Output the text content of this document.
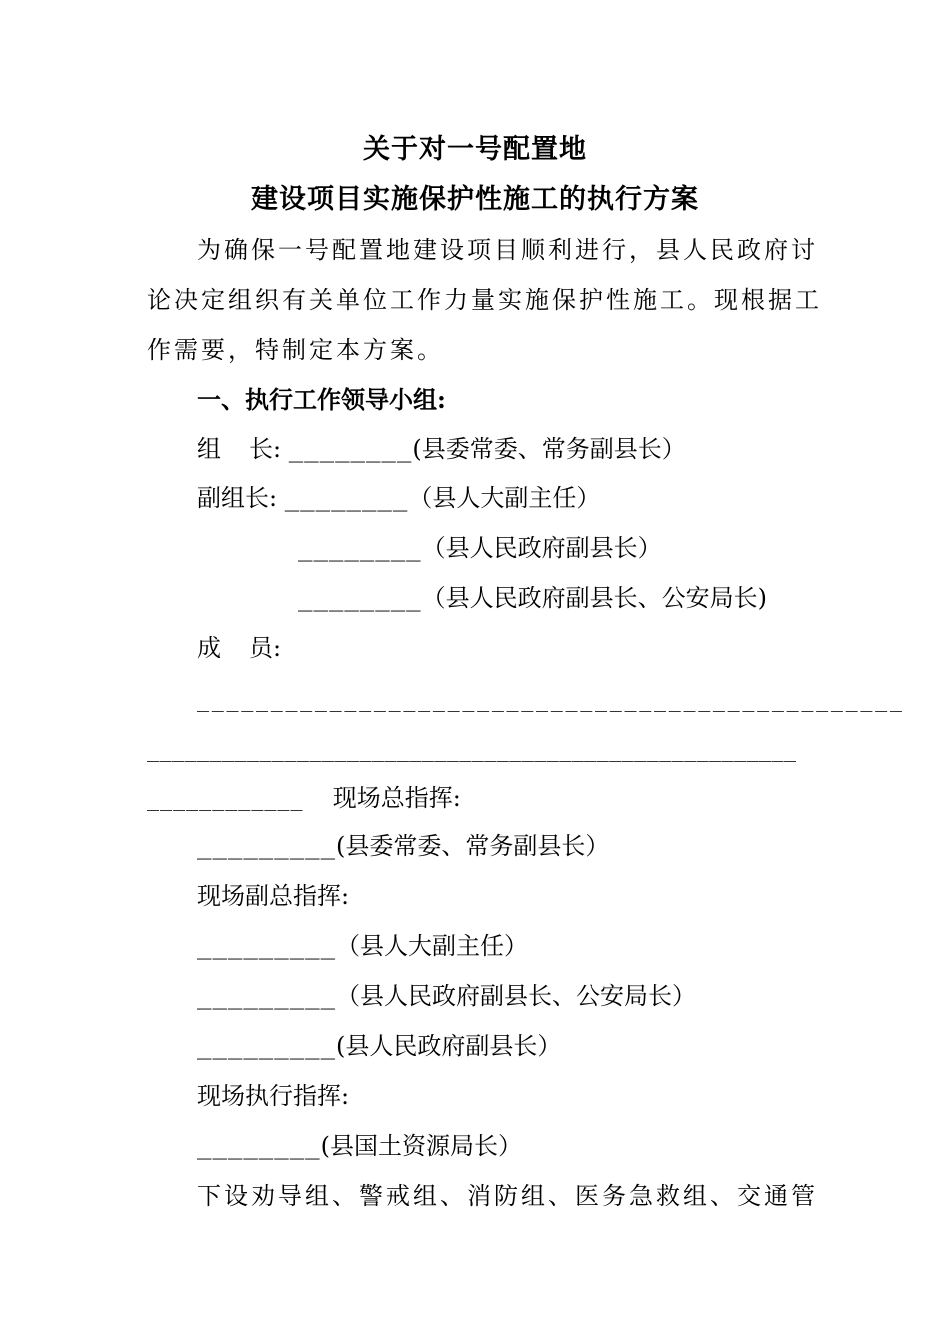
关于对一号配置地
建设项目实施保护性施工的执行方案
为确保一号配置地建设项目顺利进行，县人民政府讨
论决定组织有关单位工作力量实施保护性施工。现根据工
作需要，特制定本方案。
一、执行工作领导小组:
组 长: ________(县委常委、常务副县长）
副组长: ________（县人大副主任）
________（县人民政府副县长）
________（县人民政府副县长、公安局长)
成 员:
________________________________________________
____________________________________________________
____________ 现场总指挥:
_________(县委常委、常务副县长）
现场副总指挥:
_________（县人大副主任）
_________（县人民政府副县长、公安局长）
_________(县人民政府副县长）
现场执行指挥:
________(县国土资源局长）
下设劝导组、警戒组、消防组、医务急救组、交通管
